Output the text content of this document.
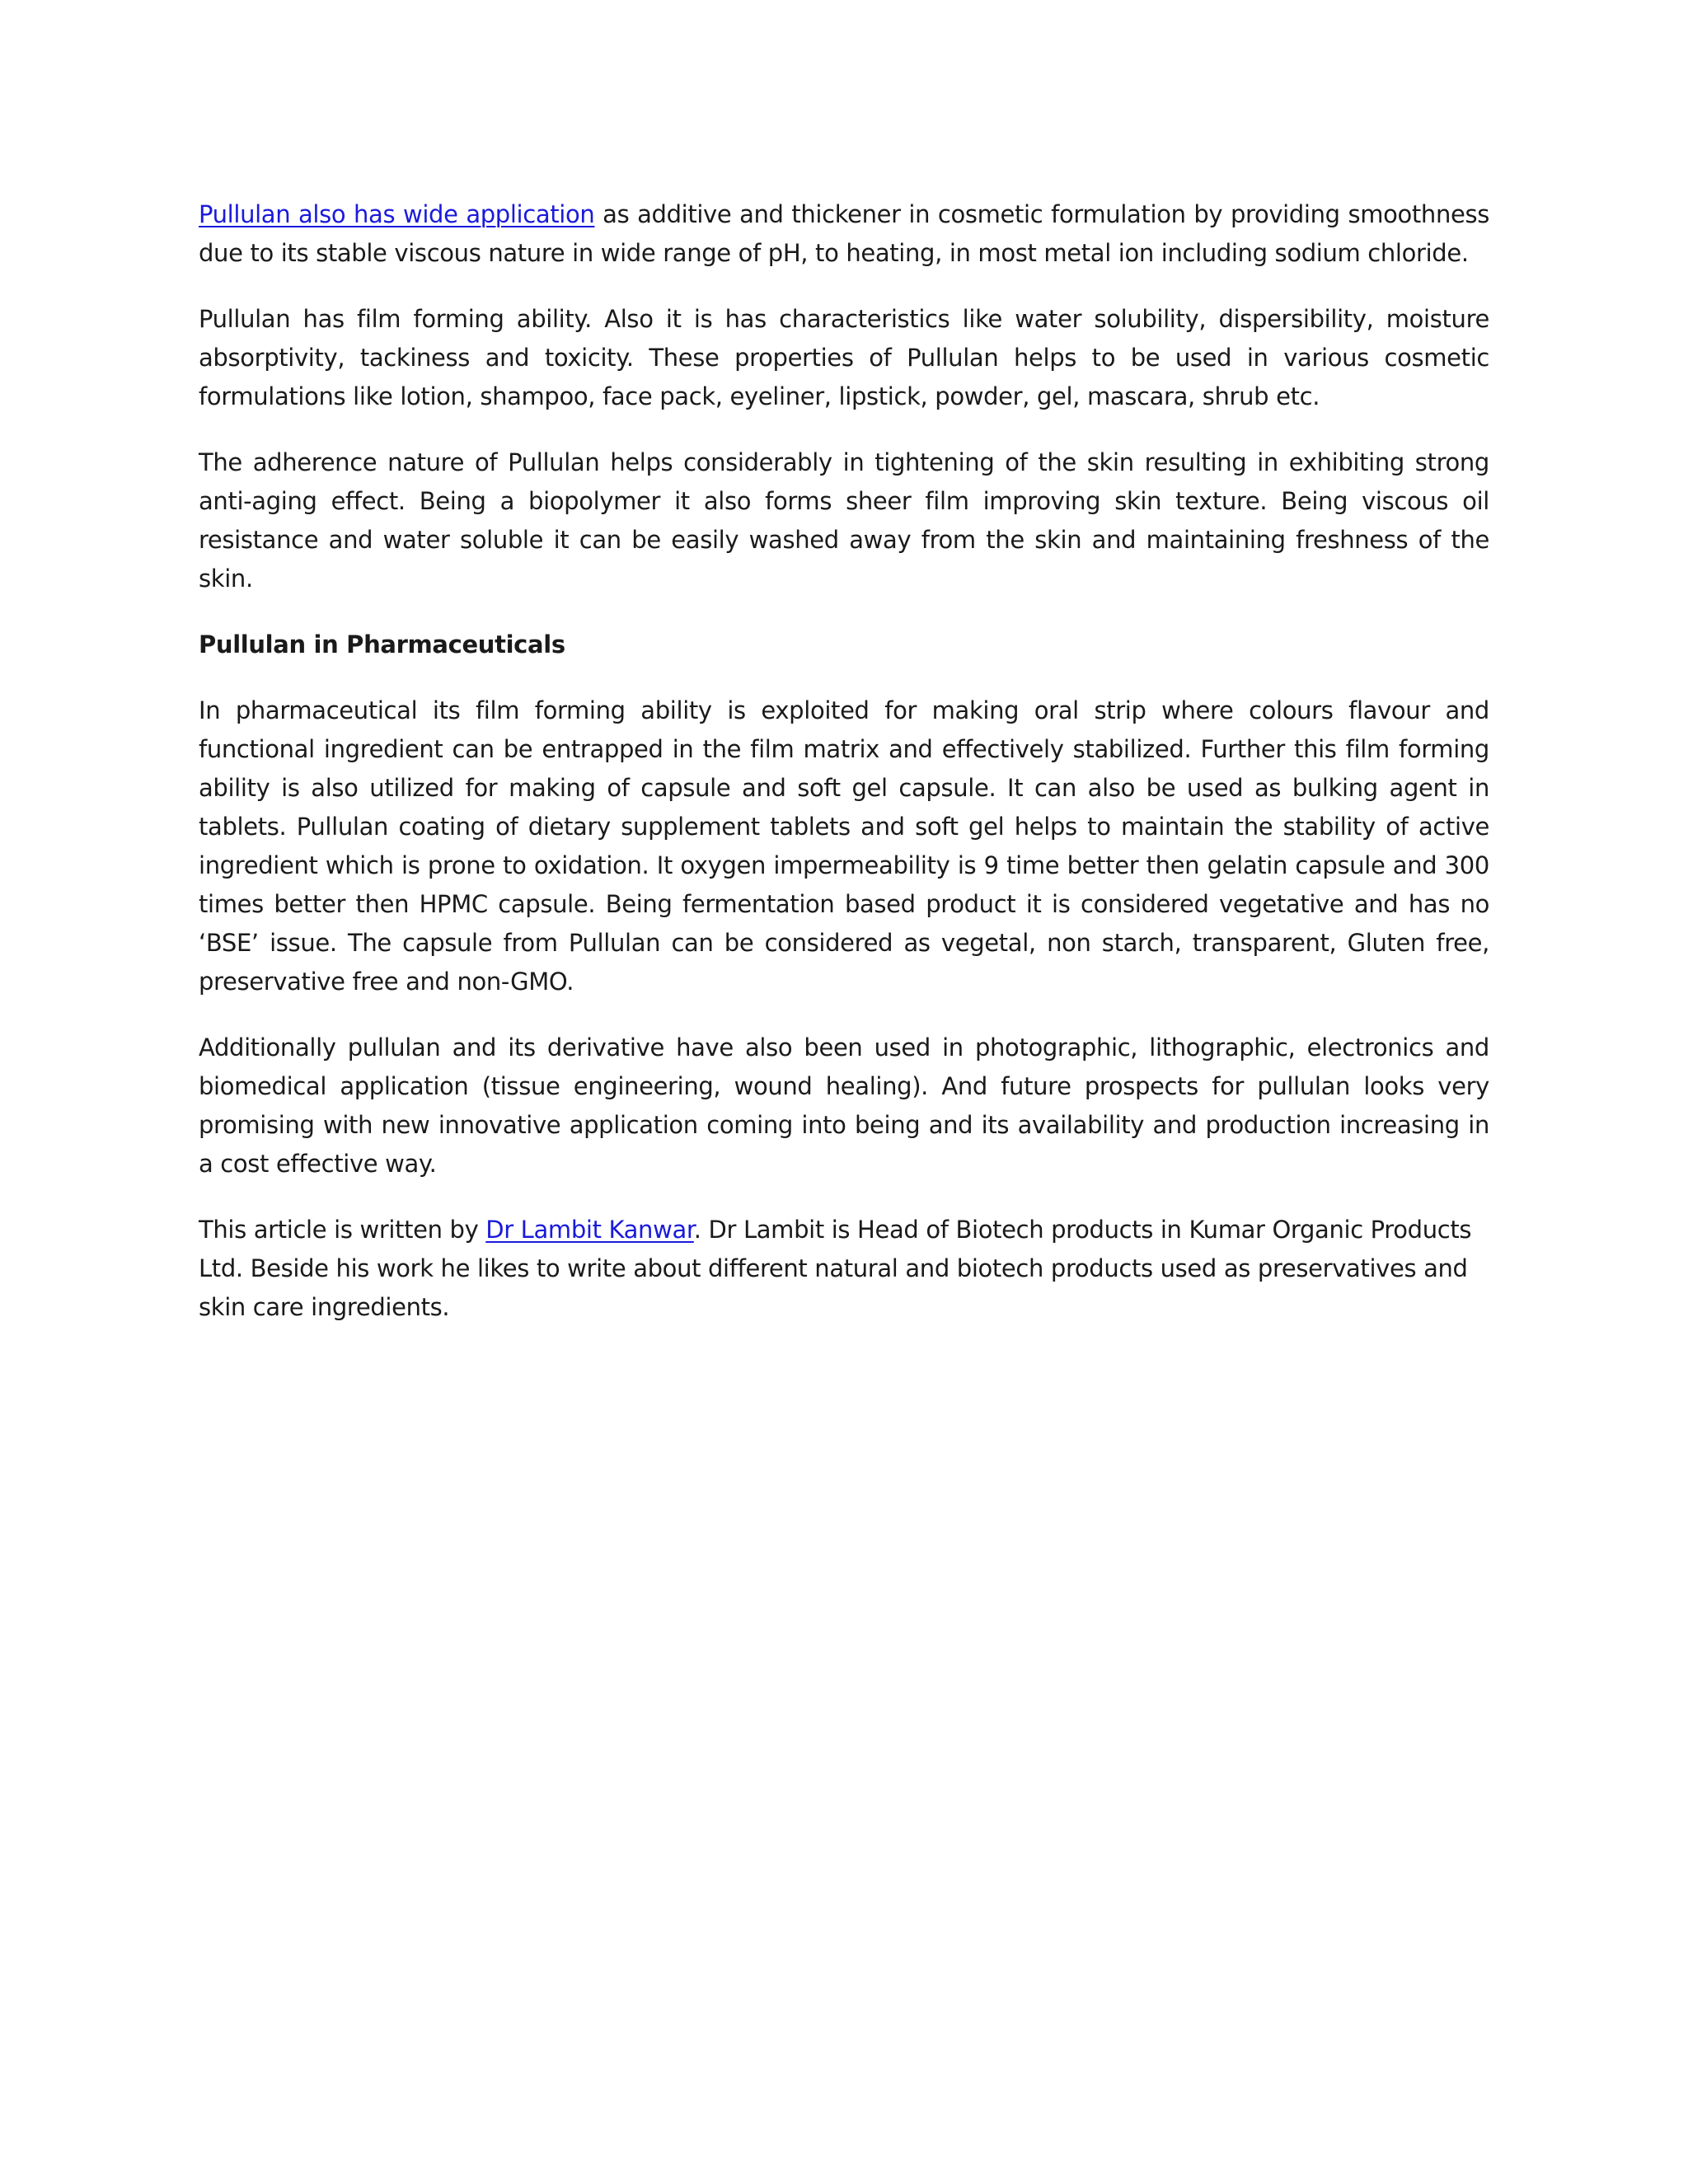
Pullulan also has wide application as additive and thickener in cosmetic formulation by providing smoothness due to its stable viscous nature in wide range of pH, to heating, in most metal ion including sodium chloride.

Pullulan has film forming ability. Also it is has characteristics like water solubility, dispersibility, moisture absorptivity, tackiness and toxicity. These properties of Pullulan helps to be used in various cosmetic formulations like lotion, shampoo, face pack, eyeliner, lipstick, powder, gel, mascara, shrub etc.

The adherence nature of Pullulan helps considerably in tightening of the skin resulting in exhibiting strong anti-aging effect. Being a biopolymer it also forms sheer film improving skin texture. Being viscous oil resistance and water soluble it can be easily washed away from the skin and maintaining freshness of the skin.

Pullulan in Pharmaceuticals

In pharmaceutical its film forming ability is exploited for making oral strip where colours flavour and functional ingredient can be entrapped in the film matrix and effectively stabilized. Further this film forming ability is also utilized for making of capsule and soft gel capsule. It can also be used as bulking agent in tablets. Pullulan coating of dietary supplement tablets and soft gel helps to maintain the stability of active ingredient which is prone to oxidation. It oxygen impermeability is 9 time better then gelatin capsule and 300 times better then HPMC capsule. Being fermentation based product it is considered vegetative and has no ‘BSE’ issue. The capsule from Pullulan can be considered as vegetal, non starch, transparent, Gluten free, preservative free and non-GMO.

Additionally pullulan and its derivative have also been used in photographic, lithographic, electronics and biomedical application (tissue engineering, wound healing). And future prospects for pullulan looks very promising with new innovative application coming into being and its availability and production increasing in a cost effective way.

This article is written by Dr Lambit Kanwar. Dr Lambit is Head of Biotech products in Kumar Organic Products Ltd. Beside his work he likes to write about different natural and biotech products used as preservatives and skin care ingredients.
